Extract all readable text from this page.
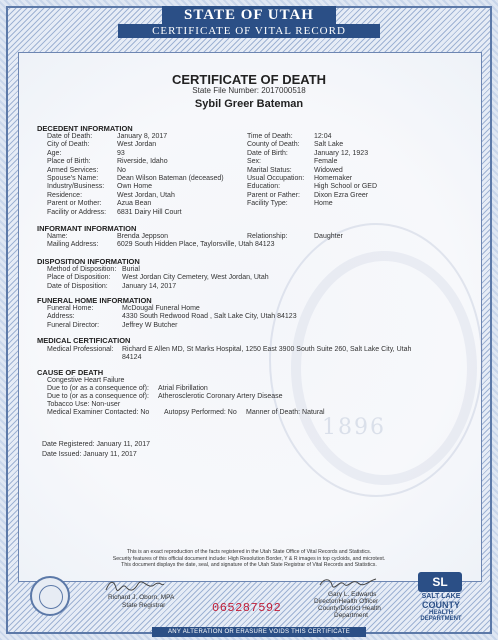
STATE OF UTAH
CERTIFICATE OF VITAL RECORD
1896
CERTIFICATE OF DEATH
State File Number: 2017000518
Sybil Greer Bateman
DECEDENT INFORMATION
Date of Death:	January 8, 2017
City of Death:	West Jordan
Age:	93
Place of Birth:	Riverside, Idaho
Armed Services:	No
Spouse's Name:	Dean Wilson Bateman (deceased)
Industry/Business: Own Home
Residence:	West Jordan, Utah
Parent or Mother: Azua Bean
Facility or Address: 6831 Dairy Hill Court
Time of Death:	12:04
County of Death: Salt Lake
Date of Birth:	January 12, 1923
Sex:	Female
Marital Status:	Widowed
Usual Occupation: Homemaker
Education:	High School or GED
Parent or Father: Dixon Ezra Greer
Facility Type:	Home
INFORMANT INFORMATION
Name:	Brenda Jeppson	Relationship:	Daughter
Mailing Address:	6029 South Hidden Place, Taylorsville, Utah 84123
DISPOSITION INFORMATION
Method of Disposition: Burial
Place of Disposition: West Jordan City Cemetery, West Jordan, Utah
Date of Disposition: January 14, 2017
FUNERAL HOME INFORMATION
Funeral Home:	McDougal Funeral Home
Address:	4330 South Redwood Road , Salt Lake City, Utah 84123
Funeral Director:	Jeffrey W Butcher
MEDICAL CERTIFICATION
Medical Professional: Richard E Allen MD, St Marks Hospital, 1250 East 3900 South Suite 260, Salt Lake City, Utah
84124
CAUSE OF DEATH
Congestive Heart Failure
Due to (or as a consequence of): Atrial Fibrillation
Due to (or as a consequence of): Atherosclerotic Coronary Artery Disease
Tobacco Use: Non-user
Medical Examiner Contacted: No Autopsy Performed: No Manner of Death: Natural
Date Registered: January 11, 2017
Date Issued: January 11, 2017
This is an exact reproduction of the facts registered in the Utah State Office of Vital Records and Statistics.
Security features of this official document include: High Resolution Border, Y & R images in top cycloids, and microtext.
This document displays the date, seal, and signature of the Utah State Registrar of Vital Records and Statistics.
Richard J. Oborn, MPA
State Registrar	065287592
Gary L. Edwards
Director/Health Officer
County/District Health
Department
SL
SALT LAKE
COUNTY
HEALTH
DEPARTMENT
ANY ALTERATION OR ERASURE VOIDS THIS CERTIFICATE
